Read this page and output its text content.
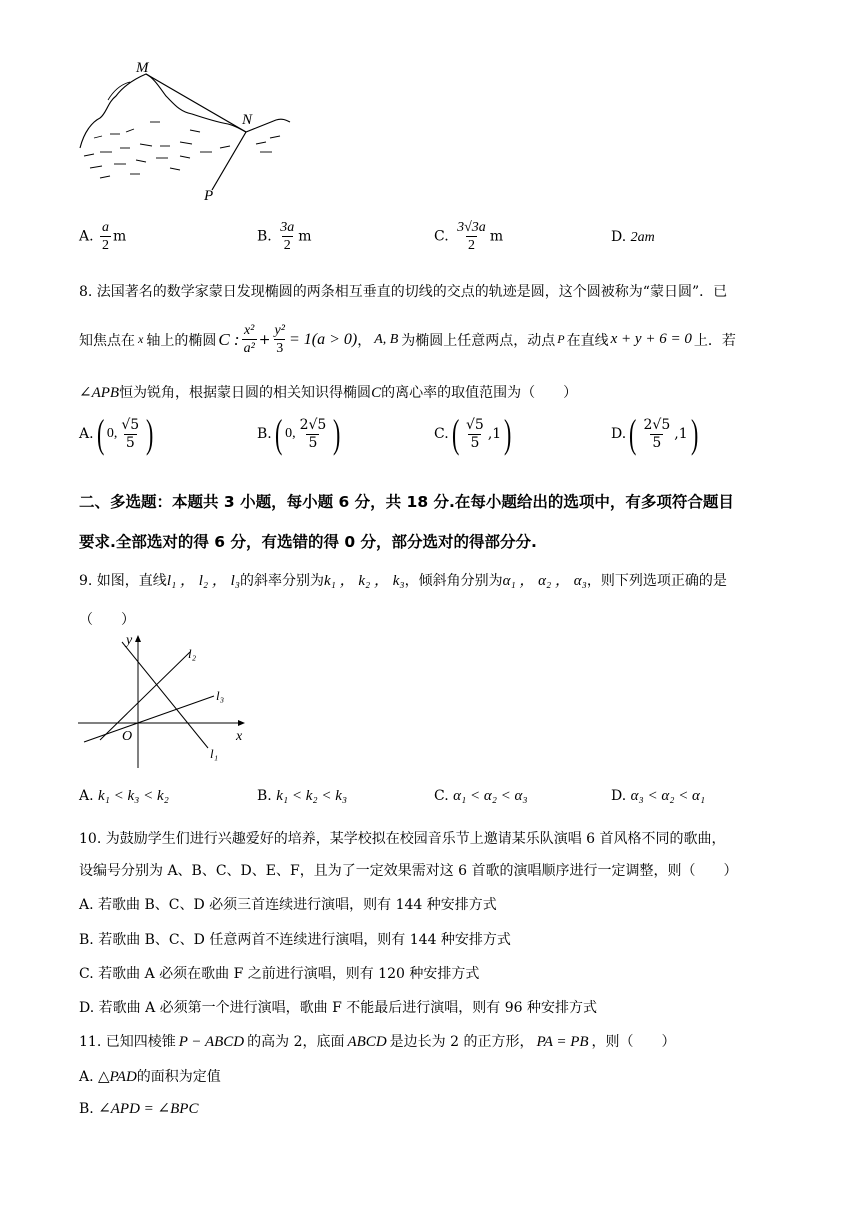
M
N
P
A. $\frac{a}{2}$ m	B. $\frac{3a}{2}$ m	C. $\frac{3√3a}{2}$ m	D. 2am
8. 法国著名的数学家蒙日发现椭圆的两条相互垂直的切线的交点的轨迹是圆，这个圆被称为“蒙日圆”．已
知焦点在 x 轴上的椭圆 C : $\frac{\text{x²}}{\text{a²}} + \frac{\text{y²}}{3} = 1(a > 0)$ ， A, B 为椭圆上任意两点，动点 P 在直线 x + y + 6 = 0 上．若
∠APB恒为锐角，根据蒙日圆的相关知识得椭圆C的离心率的取值范围为（　　）
A. ( 0, $\frac{√5}{5}$ )	B. ( 0, $\frac{2√5}{5}$ )	C. ( $\frac{√5}{5} ,1$ )	D. ( $\frac{2√5}{5} ,1$ )
二、多选题：本题共 3 小题，每小题 6 分，共 18 分.在每小题给出的选项中，有多项符合题目
要求.全部选对的得 6 分，有选错的得 0 分，部分选对的得部分分.
9. 如图，直线l₁ ， l₂ ， l₃的斜率分别为k₁ ， k₂ ， k₃，倾斜角分别为α₁ ， α₂ ， α₃，则下列选项正确的是
（　　）
y
x
O
l₁
l₂
l₃
A. k₁ < k₃ < k₂	B. k₁ < k₂ < k₃	C. α₁ < α₂ < α₃	D. α₃ < α₂ < α₁
10. 为鼓励学生们进行兴趣爱好的培养，某学校拟在校园音乐节上邀请某乐队演唱 6 首风格不同的歌曲，
设编号分别为 A、B、C、D、E、F，且为了一定效果需对这 6 首歌的演唱顺序进行一定调整，则（　　）
A. 若歌曲 B、C、D 必须三首连续进行演唱，则有 144 种安排方式
B. 若歌曲 B、C、D 任意两首不连续进行演唱，则有 144 种安排方式
C. 若歌曲 A 必须在歌曲 F 之前进行演唱，则有 120 种安排方式
D. 若歌曲 A 必须第一个进行演唱，歌曲 F 不能最后进行演唱，则有 96 种安排方式
11. 已知四棱锥 P − ABCD 的高为 2，底面 ABCD 是边长为 2 的正方形， PA = PB ，则（　　）
A. △PAD的面积为定值
B. ∠APD = ∠BPC
